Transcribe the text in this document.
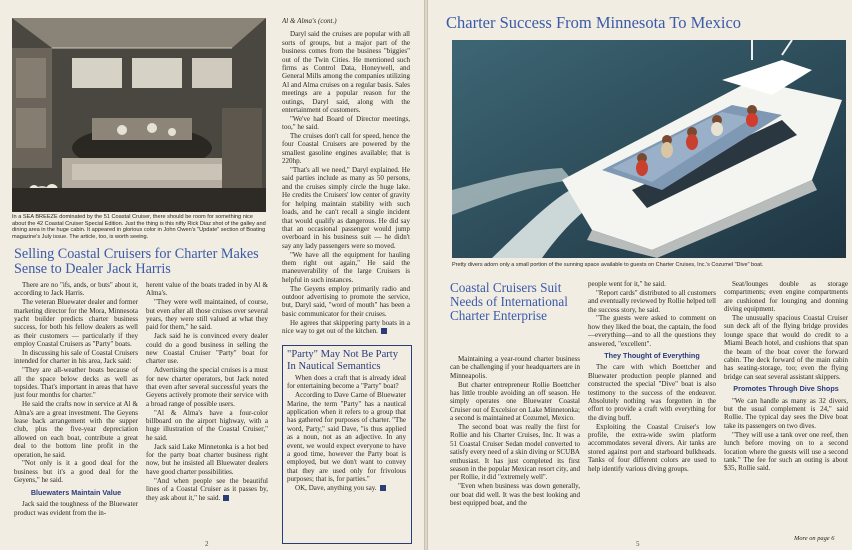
In a SEA BREEZE dominated by the 51 Coastal Cruiser, there should be room for something nice about the 42 Coastal Cruiser Special Edition. Just the thing is this nifty Rick Diaz shot of the galley and dining area in the huge cabin. It appeared in glorious color in John Owen's "Update" section of Boating magazine's July issue. The article, too, is worth seeing.
Selling Coastal Cruisers for Charter Makes Sense to Dealer Jack Harris

There are no "ifs, ands, or buts" about it, according to Jack Harris.

The veteran Bluewater dealer and former marketing director for the Mora, Minnesota yacht builder predicts charter business success, for both his fellow dealers as well as their customers — particularly if they employ Coastal Cruisers as "Party" boats.

In discussing his sale of Coastal Cruisers intended for charter in his area, Jack said:

"They are all-weather boats because of all the space below decks as well as topsides. That's important in areas that have just four months for charter."

He said the crafts now in service at Al & Alma's are a great investment. The Geyens lease back arrangement with the supper club, plus the five-year depreciation allowed on each boat, contribute a great deal to the bottom line profit in the operation, he said.

"Not only is it a good deal for the business but it's a good deal for the Geyens," he said.

Bluewaters Maintain Value

Jack said the toughness of the Bluewater product was evident from the in-

herent value of the boats traded in by Al & Alma's.

"They were well maintained, of course, but even after all those cruises over several years, they were still valued at what they paid for them," he said.

Jack said he is convinced every dealer could do a good business in selling the new Coastal Cruiser "Party" boat for charter use.

Advertising the special cruises is a must for new charter operators, but Jack noted that even after several successful years the Geyens actively promote their service with a broad range of possible users.

"Al & Alma's have a four-color billboard on the airport highway, with a huge illustration of the Coastal Cruiser," he said.

Jack said Lake Minnetonka is a hot bed for the party boat charter business right now, but he insisted all Bluewater dealers have good charter possibilities.

"And when people see the beautiful lines of a Coastal Cruiser as it passes by, they ask about it," he said.

Al & Alma's (cont.)

Daryl said the cruises are popular with all sorts of groups, but a major part of the business comes from the business "biggies" out of the Twin Cities. He mentioned such firms as Control Data, Honeywell, and General Mills among the companies utilizing Al and Alma cruises on a regular basis. Sales meetings are a popular reason for the outings, Daryl said, along with the entertainment of customers.

"We've had Board of Director meetings, too," he said.

The cruises don't call for speed, hence the four Coastal Cruisers are powered by the smallest gasoline engines available; that is 220hp.

"That's all we need," Daryl explained. He said parties include as many as 50 persons, and the cruises simply circle the huge lake. He credits the Cruisers' low center of gravity for helping maintain stability with such loads, and he can't recall a single incident that would qualify as dangerous. He did say that an occasional passenger would jump overboard in his business suit — he didn't say any lady passengers were so moved.

"We have all the equipment for hauling them right out again," He said the maneuverability of the large Cruisers is helpful in such instances.

The Geyens employ primarily radio and outdoor advertising to promote the service, but, Daryl said, "word of mouth" has been a basic communicator for their cruises.

He agrees that skippering party boats in a nice way to get out of the kitchen.

"Party" May Not Be Party In Nautical Semantics

When does a craft that is already ideal for entertaining become a "Party" boat?

According to Dave Carne of Bluewater Marine, the term "Party" has a nautical application when it refers to a group that has gathered for purposes of charter. "The word, Party," said Dave, "is thus applied as a noun, not as an adjective. In any event, we would expect everyone to have a good time, however the Party boat is employed, but we don't want to convey that they are used only for frivolous purposes; that is, for parties."

OK, Dave, anything you say.

2
Charter Success From Minnesota To Mexico
Pretty divers adorn only a small portion of the sunning space available to guests on Charter Cruises, Inc.'s Cozumel "Dive" boat.
Coastal Cruisers Suit Needs of International Charter Enterprise

Maintaining a year-round charter business can be challenging if your headquarters are in Minneapolis.

But charter entrepreneur Rollie Boettcher has little trouble avoiding an off season. He simply operates one Bluewater Coastal Cruiser out of Excelsior on Lake Minnetonka; a second is maintained at Cozumel, Mexico.

The second boat was really the first for Rollie and his Charter Cruises, Inc. It was a 51 Coastal Cruiser Sedan model converted to satisfy every need of a skin diving or SCUBA enthusiast. It has just completed its first season in the popular Mexican resort city, and per Rollie, it did "extremely well".

"Even when business was down generally, our boat did well. It was the best looking and best equipped boat, and the

people went for it," he said.

"Report cards" distributed to all customers and eventually reviewed by Rollie helped tell the success story, he said.

"The guests were asked to comment on how they liked the boat, the captain, the food—everything—and to all the questions they answered, "excellent".

They Thought of Everything

The care with which Boettcher and Bluewater production people planned and constructed the special "Dive" boat is also testimony to the success of the endeavor. Absolutely nothing was forgotten in the effort to provide a craft with everything for the diving buff.

Exploiting the Coastal Cruiser's low profile, the extra-wide swim platform accommodates several divers. Air tanks are stored against port and starboard bulkheads. Tanks of four different colors are used to help identify various diving groups.

Seat/lounges double as storage compartments; even engine compartments are cushioned for lounging and donning diving equipment.

The unusually spacious Coastal Cruiser sun deck aft of the flying bridge provides lounge space that would do credit to a Miami Beach hotel, and cushions that span the beam of the boat cover the forward cabin. The deck forward of the main cabin has seating-storage, too; even the flying bridge can seat several assistant skippers.

Promotes Through Dive Shops

"We can handle as many as 32 divers, but the usual complement is 24," said Rollie. The typical day sees the Dive boat take its passengers on two dives.

"They will use a tank over one reef, then lunch before moving on to a second location where the guests will use a second tank." The fee for such an outing is about $35, Rollie said.

More on page 6
5
